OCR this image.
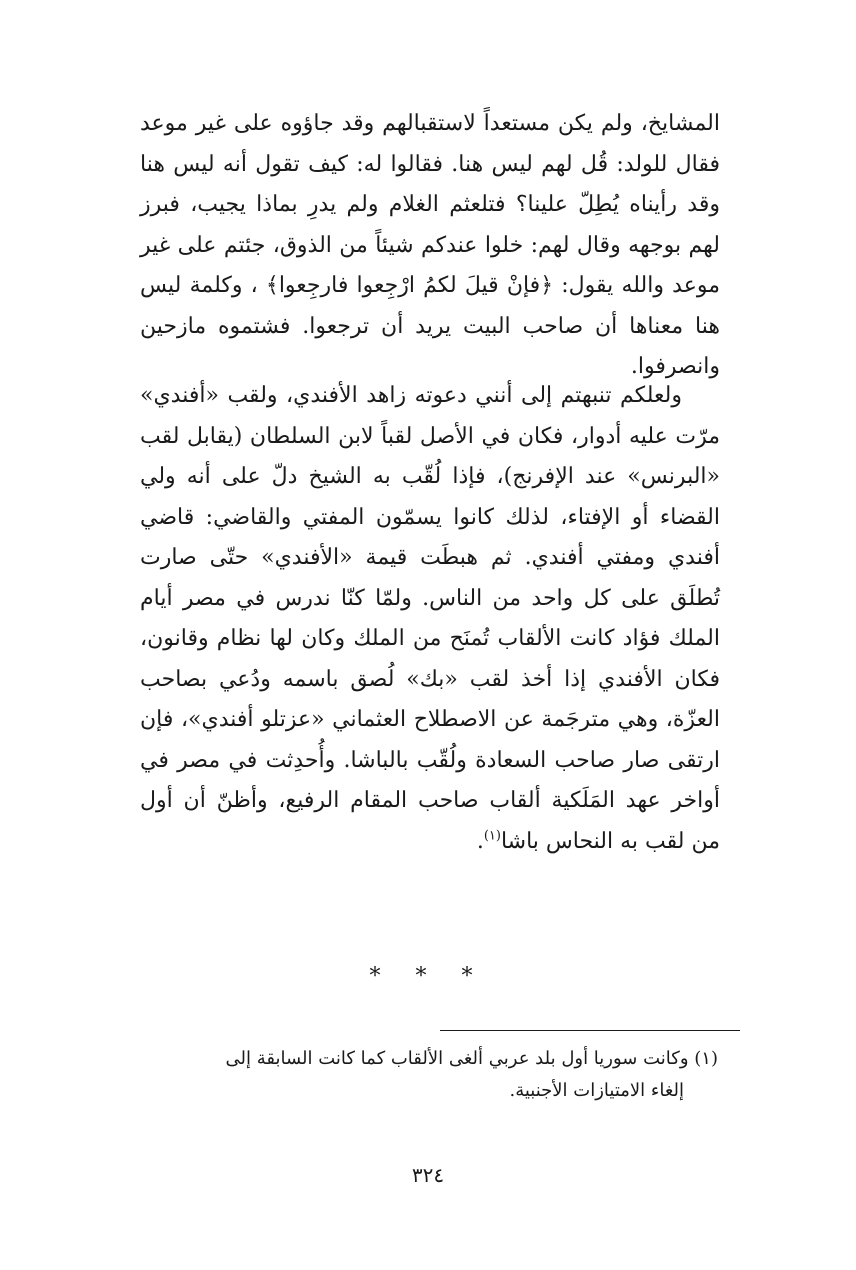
المشايخ، ولم يكن مستعداً لاستقبالهم وقد جاؤوه على غير موعد فقال للولد: قُل لهم ليس هنا. فقالوا له: كيف تقول أنه ليس هنا وقد رأيناه يُطِلّ علينا؟ فتلعثم الغلام ولم يدرِ بماذا يجيب، فبرز لهم بوجهه وقال لهم: خلوا عندكم شيئاً من الذوق، جئتم على غير موعد والله يقول: ﴿فإنْ قيلَ لكمُ ارْجِعوا فارجِعوا﴾ ، وكلمة ليس هنا معناها أن صاحب البيت يريد أن ترجعوا. فشتموه مازحين وانصرفوا.

ولعلكم تنبهتم إلى أنني دعوته زاهد الأفندي، ولقب «أفندي» مرّت عليه أدوار، فكان في الأصل لقباً لابن السلطان (يقابل لقب «البرنس» عند الإفرنج)، فإذا لُقّب به الشيخ دلّ على أنه ولي القضاء أو الإفتاء، لذلك كانوا يسمّون المفتي والقاضي: قاضي أفندي ومفتي أفندي. ثم هبطَت قيمة «الأفندي» حتّى صارت تُطلَق على كل واحد من الناس. ولمّا كنّا ندرس في مصر أيام الملك فؤاد كانت الألقاب تُمنَح من الملك وكان لها نظام وقانون، فكان الأفندي إذا أخذ لقب «بك» لُصق باسمه ودُعي بصاحب العزّة، وهي مترجَمة عن الاصطلاح العثماني «عزتلو أفندي»، فإن ارتقى صار صاحب السعادة ولُقّب بالباشا. وأُحدِثت في مصر في أواخر عهد المَلَكية ألقاب صاحب المقام الرفيع، وأظنّ أن أول من لقب به النحاس باشا$^{(١)}$.

* * *
(١) وكانت سوريا أول بلد عربي ألغى الألقاب كما كانت السابقة إلى
إلغاء الامتيازات الأجنبية.
٣٢٤
